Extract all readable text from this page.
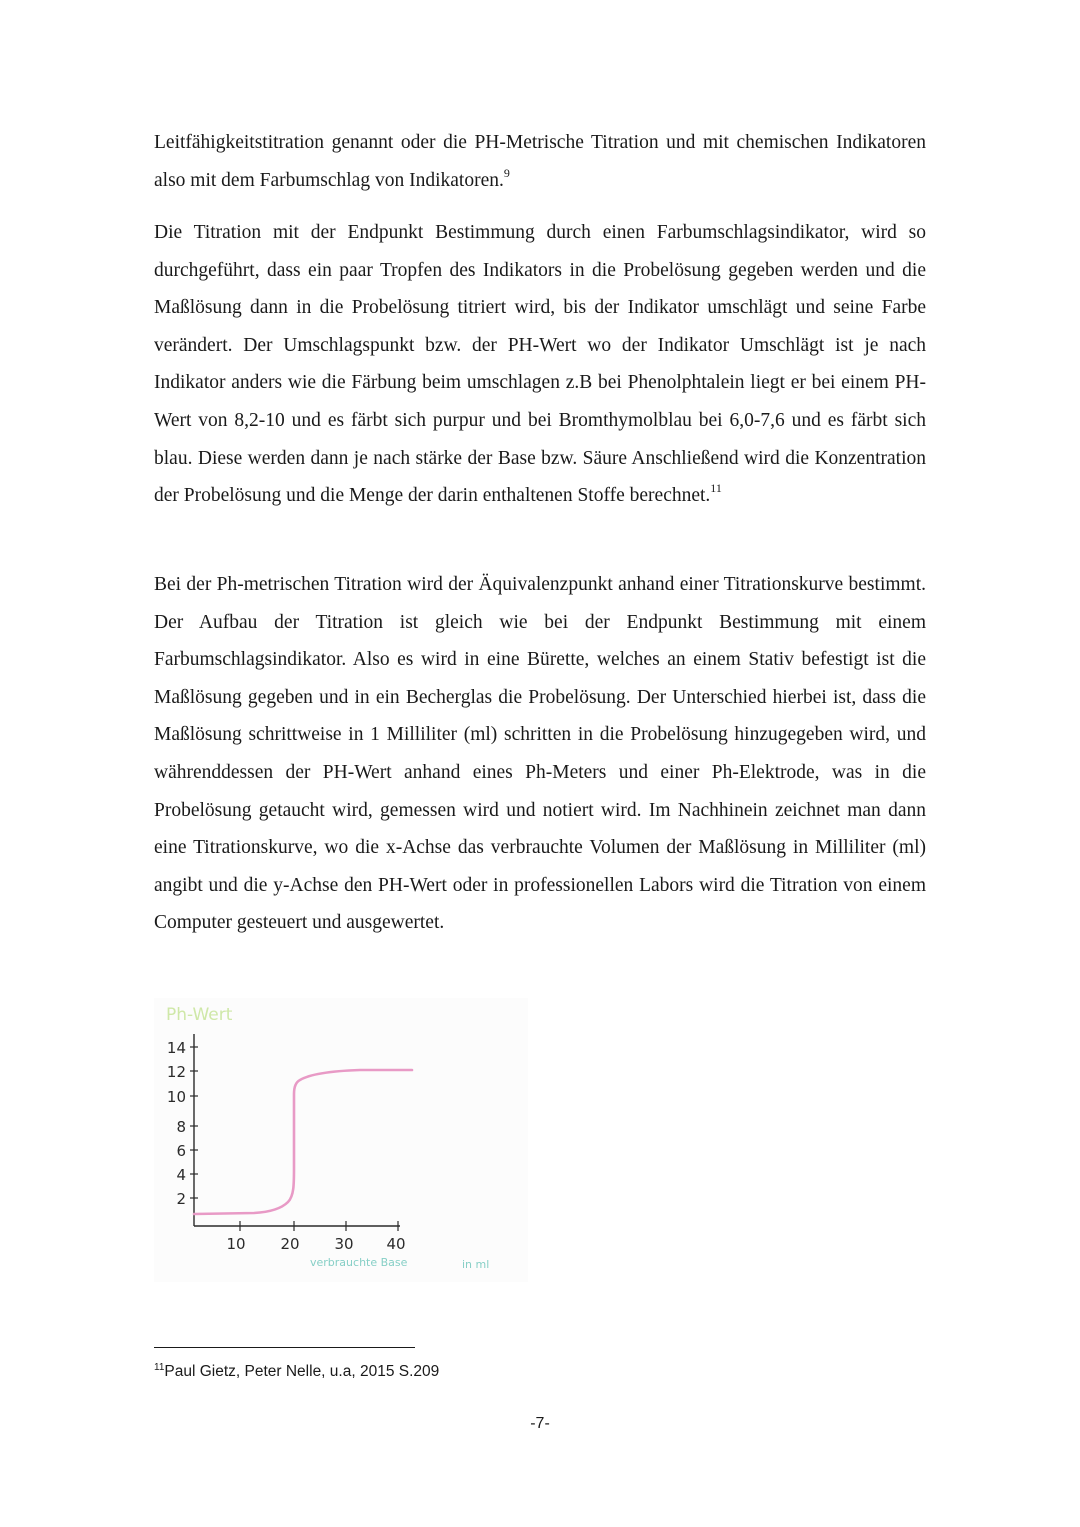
Leitfähigkeitstitration genannt oder die PH-Metrische Titration und mit chemischen Indikatoren also mit dem Farbumschlag von Indikatoren.$^9$

Die Titration mit der Endpunkt Bestimmung durch einen Farbumschlagsindikator, wird so durchgeführt, dass ein paar Tropfen des Indikators in die Probelösung gegeben werden und die Maßlösung dann in die Probelösung titriert wird, bis der Indikator umschlägt und seine Farbe verändert. Der Umschlagspunkt bzw. der PH-Wert wo der Indikator Umschlägt ist je nach Indikator anders wie die Färbung beim umschlagen z.B bei Phenolphtalein liegt er bei einem PH-Wert von 8,2-10 und es färbt sich purpur und bei Bromthymolblau bei 6,0-7,6 und es färbt sich blau. Diese werden dann je nach stärke der Base bzw. Säure Anschließend wird die Konzentration der Probelösung und die Menge der darin enthaltenen Stoffe berechnet.$^{11}$

Bei der Ph-metrischen Titration wird der Äquivalenzpunkt anhand einer Titrationskurve bestimmt. Der Aufbau der Titration ist gleich wie bei der Endpunkt Bestimmung mit einem Farbumschlagsindikator. Also es wird in eine Bürette, welches an einem Stativ befestigt ist die Maßlösung gegeben und in ein Becherglas die Probelösung. Der Unterschied hierbei ist, dass die Maßlösung schrittweise in 1 Milliliter (ml) schritten in die Probelösung hinzugegeben wird, und währenddessen der PH-Wert anhand eines Ph-Meters und einer Ph-Elektrode, was in die Probelösung getaucht wird, gemessen wird und notiert wird. Im Nachhinein zeichnet man dann eine Titrationskurve, wo die x-Achse das verbrauchte Volumen der Maßlösung in Milliliter (ml) angibt und die y-Achse den PH-Wert oder in professionellen Labors wird die Titration von einem Computer gesteuert und ausgewertet.

Ph-Wert
14
12
10
8
6
4
2
10 20 30 40
verbrauchte Base	in ml
$^{11}$Paul Gietz, Peter Nelle, u.a, 2015 S.209
-7-
